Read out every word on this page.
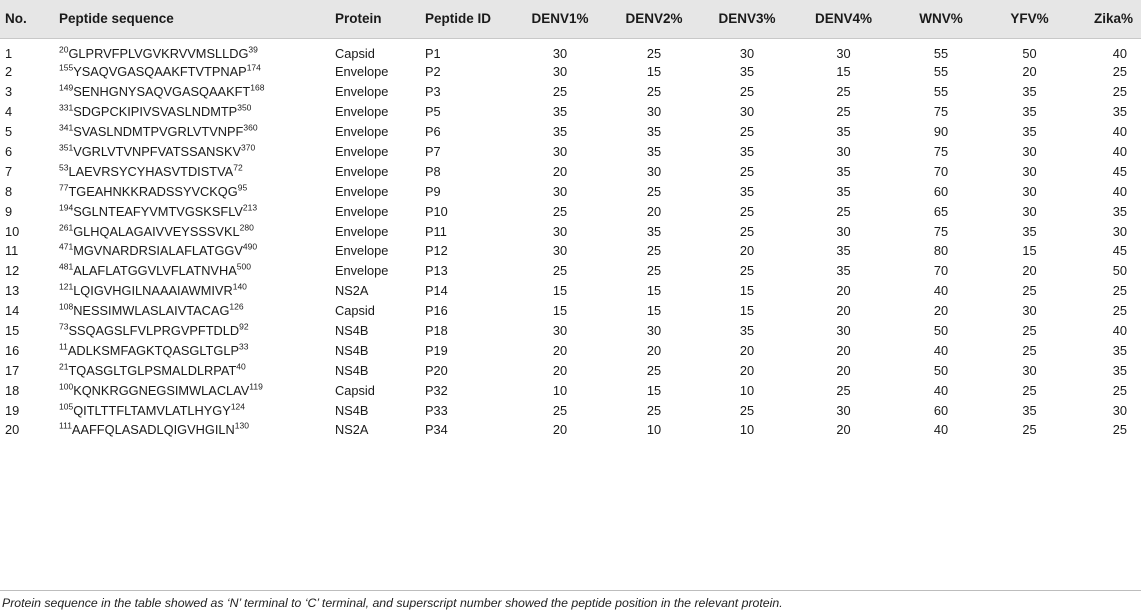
No.	Peptide sequence	Protein	Peptide ID	DENV1%	DENV2%	DENV3%	DENV4%	WNV%	YFV%	Zika%
1	$^{20}$GLPRVFPLVGVKRVVMSLLDG$^{39}$	Capsid	P1	30	25	30	30	55	50	40
2	$^{155}$YSAQVGASQAAKFTVTPNAP$^{174}$	Envelope	P2	30	15	35	15	55	20	25
3	$^{149}$SENHGNYSAQVGASQAAKFT$^{168}$	Envelope	P3	25	25	25	25	55	35	25
4	$^{331}$SDGPCKIPIVSVASLNDMTP$^{350}$	Envelope	P5	35	30	30	25	75	35	35
5	$^{341}$SVASLNDMTPVGRLVTVNPF$^{360}$	Envelope	P6	35	35	25	35	90	35	40
6	$^{351}$VGRLVTVNPFVATSSANSKV$^{370}$	Envelope	P7	30	35	35	30	75	30	40
7	$^{53}$LAEVRSYCYHASVTDISTVA$^{72}$	Envelope	P8	20	30	25	35	70	30	45
8	$^{77}$TGEAHNKKRADSSYVCKQG$^{95}$	Envelope	P9	30	25	35	35	60	30	40
9	$^{194}$SGLNTEAFYVMTVGSKSFLV$^{213}$	Envelope	P10	25	20	25	25	65	30	35
10	$^{261}$GLHQALAGAIVVEYSSSVKL$^{280}$	Envelope	P11	30	35	25	30	75	35	30
11	$^{471}$MGVNARDRSIALAFLATGGV$^{490}$	Envelope	P12	30	25	20	35	80	15	45
12	$^{481}$ALAFLATGGVLVFLATNVHA$^{500}$	Envelope	P13	25	25	25	35	70	20	50
13	$^{121}$LQIGVHGILNAAAIAWMIVR$^{140}$	NS2A	P14	15	15	15	20	40	25	25
14	$^{108}$NESSIMWLASLAIVTACAG$^{126}$	Capsid	P16	15	15	15	20	20	30	25
15	$^{73}$SSQAGSLFVLPRGVPFTDLD$^{92}$	NS4B	P18	30	30	35	30	50	25	40
16	$^{11}$ADLKSMFAGKTQASGLTGLP$^{33}$	NS4B	P19	20	20	20	20	40	25	35
17	$^{21}$TQASGLTGLPSMALDLRPAT$^{40}$	NS4B	P20	20	25	20	20	50	30	35
18	$^{100}$KQNKRGGNEGSIMWLACLAV$^{119}$	Capsid	P32	10	15	10	25	40	25	25
19	$^{105}$QITLTTFLTAMVLATLHYGY$^{124}$	NS4B	P33	25	25	25	30	60	35	30
20	$^{111}$AAFFQLASADLQIGVHGILN$^{130}$	NS2A	P34	20	10	10	20	40	25	25
Protein sequence in the table showed as ‘N’ terminal to ‘C’ terminal, and superscript number showed the peptide position in the relevant protein.
